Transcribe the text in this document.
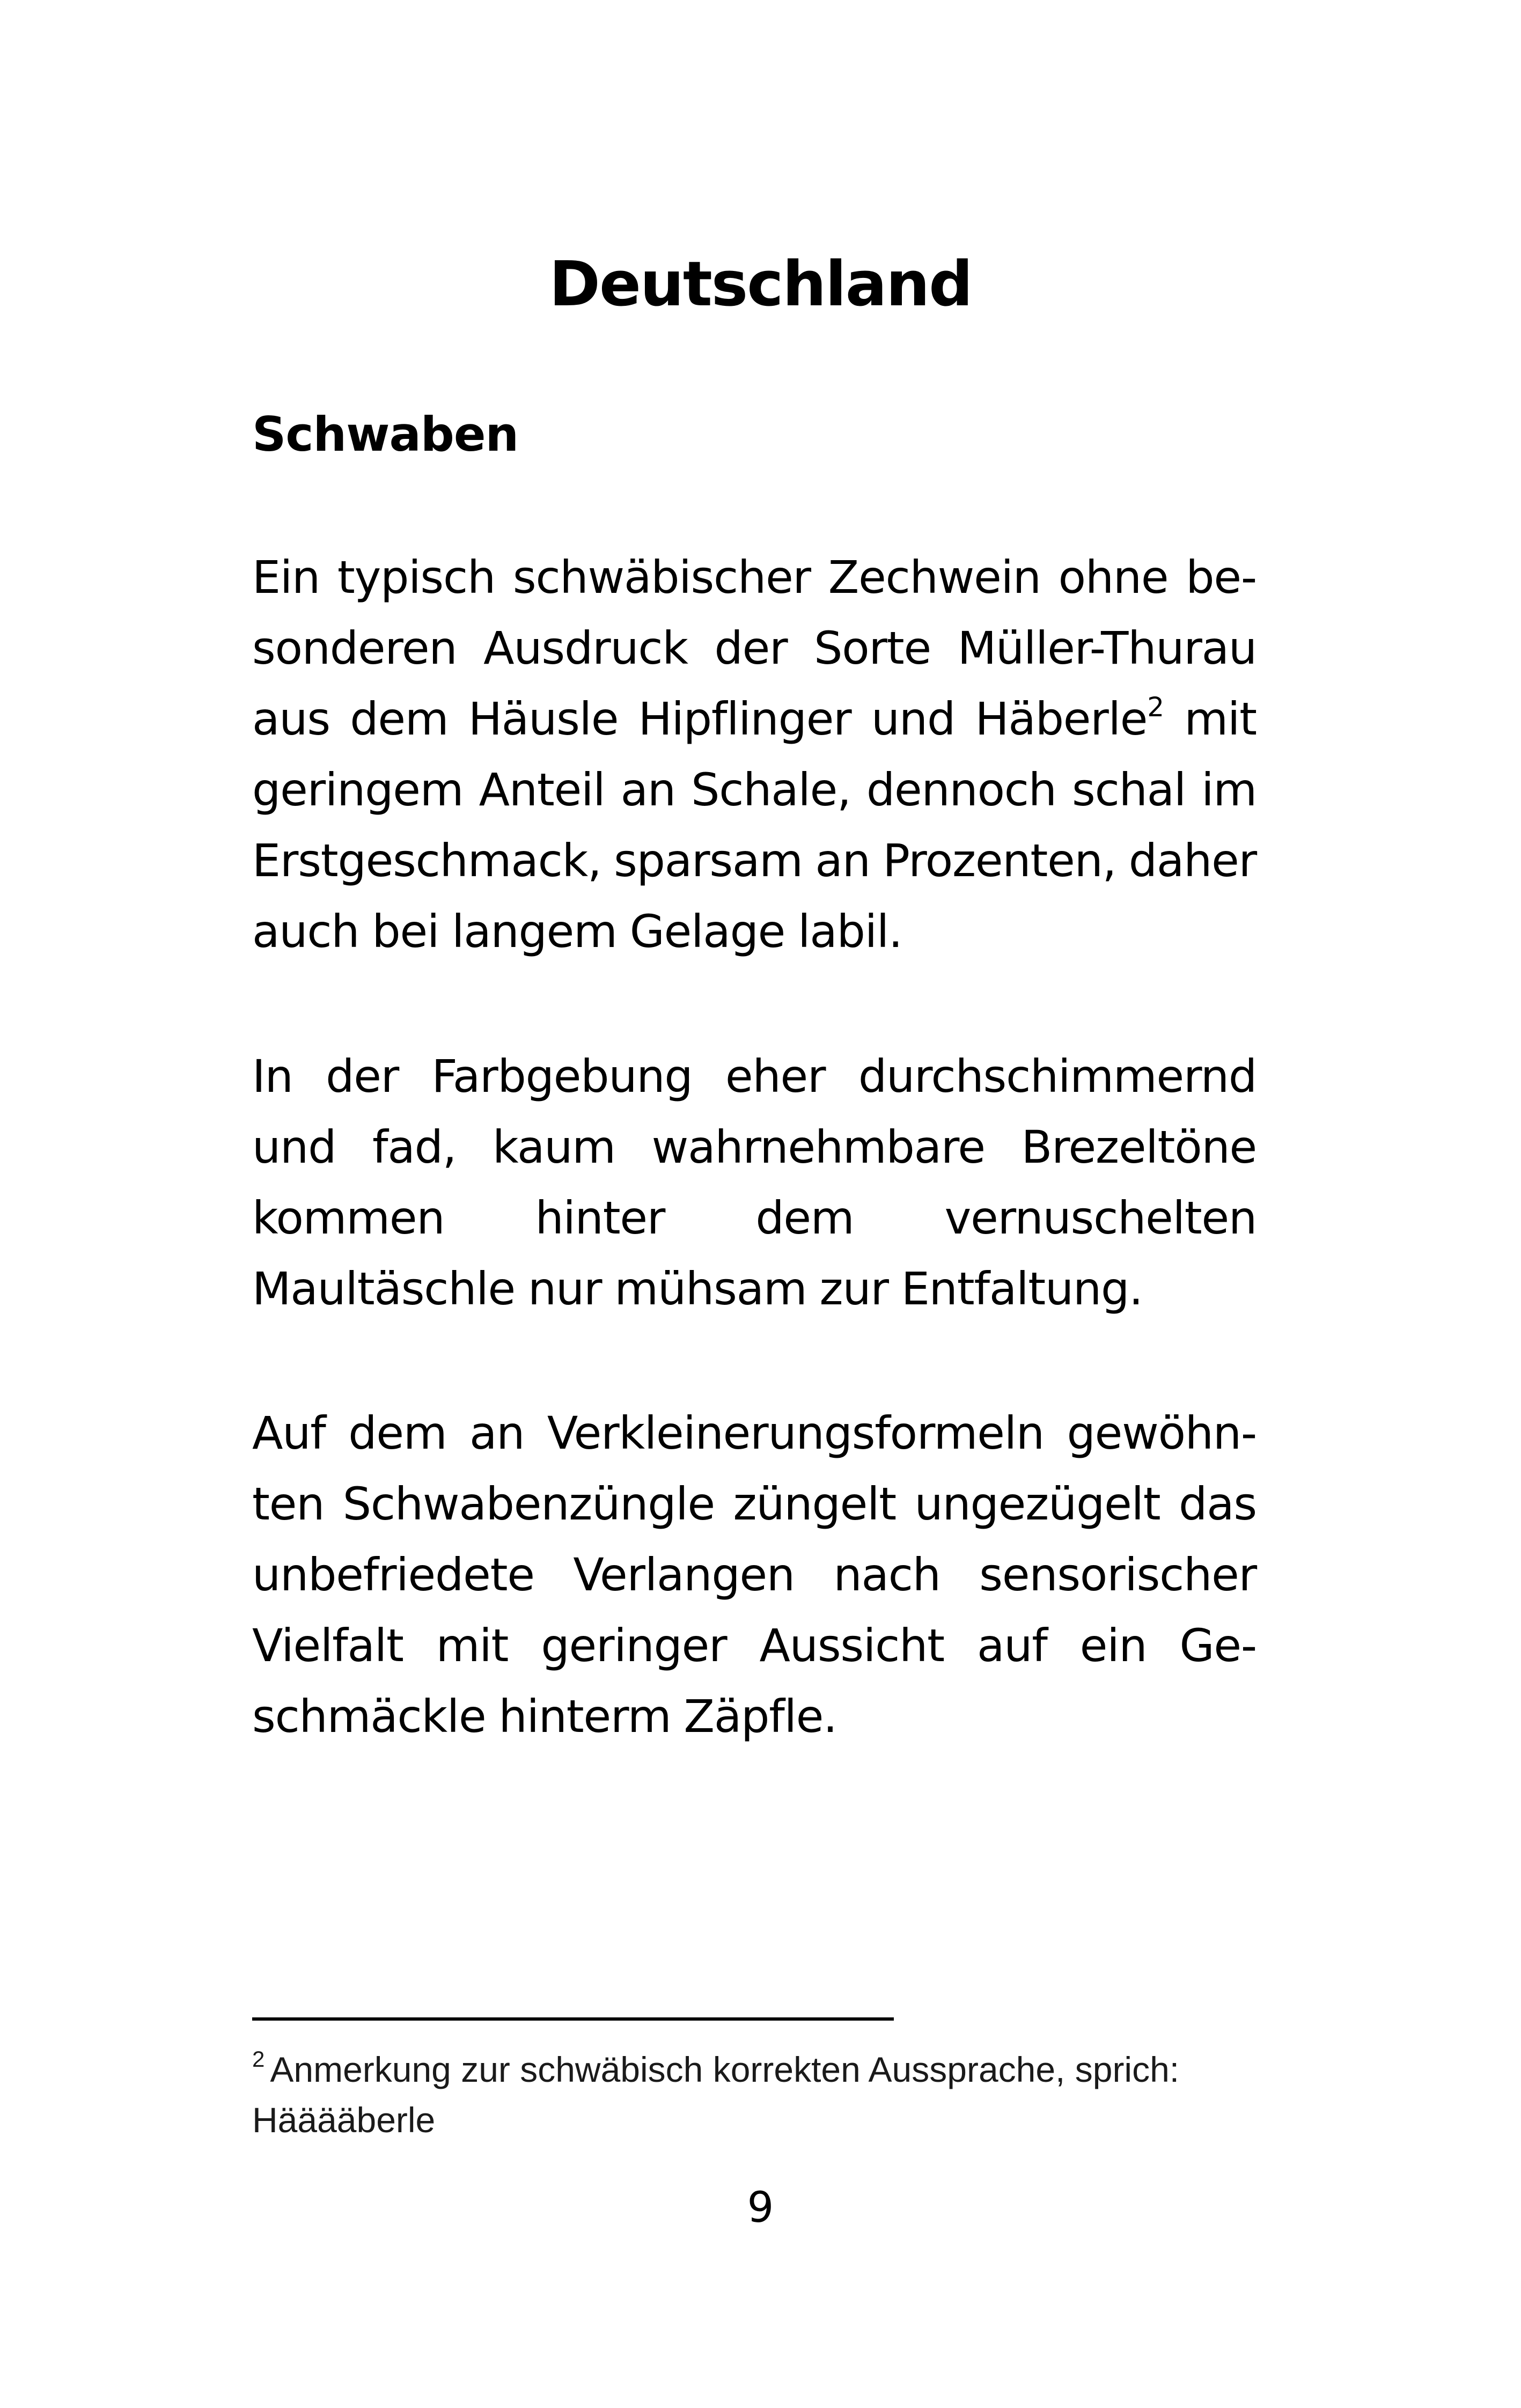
Deutschland
Schwaben
Ein typisch schwäbischer Zechwein ohne be-
sonderen Ausdruck der Sorte Müller-Thurau
aus dem Häusle Hipflinger und Häberle$^2$ mit
geringem Anteil an Schale, dennoch schal im
Erstgeschmack, sparsam an Prozenten, daher
auch bei langem Gelage labil.
In der Farbgebung eher durchschimmernd
und fad, kaum wahrnehmbare Brezeltöne
kommen hinter dem vernuschelten
Maultäschle nur mühsam zur Entfaltung.
Auf dem an Verkleinerungsformeln gewöhn-
ten Schwabenzüngle züngelt ungezügelt das
unbefriedete Verlangen nach sensorischer
Vielfalt mit geringer Aussicht auf ein Ge-
schmäckle hinterm Zäpfle.
$^2$ Anmerkung zur schwäbisch korrekten Aussprache, sprich:
Hääääberle
9
